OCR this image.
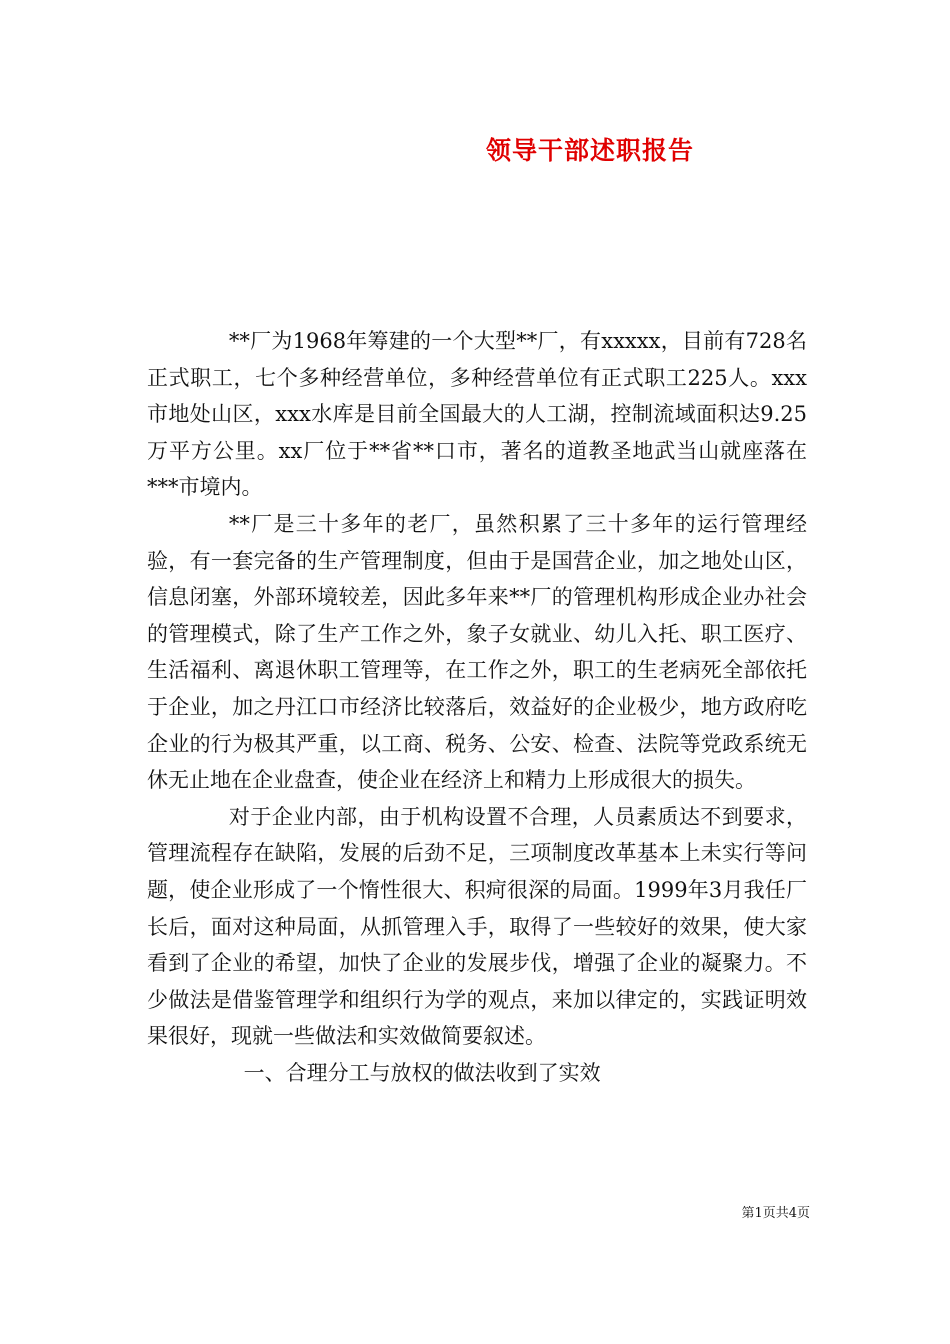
领导干部述职报告

**厂为1968年筹建的一个大型**厂，有xxxxx，目前有728名正式职工，七个多种经营单位，多种经营单位有正式职工225人。xxx市地处山区，xxx水库是目前全国最大的人工湖，控制流域面积达9.25万平方公里。xx厂位于**省**口市，著名的道教圣地武当山就座落在***市境内。

**厂是三十多年的老厂，虽然积累了三十多年的运行管理经验，有一套完备的生产管理制度，但由于是国营企业，加之地处山区，信息闭塞，外部环境较差，因此多年来**厂的管理机构形成企业办社会的管理模式，除了生产工作之外，象子女就业、幼儿入托、职工医疗、生活福利、离退休职工管理等，在工作之外，职工的生老病死全部依托于企业，加之丹江口市经济比较落后，效益好的企业极少，地方政府吃企业的行为极其严重，以工商、税务、公安、检查、法院等党政系统无休无止地在企业盘查，使企业在经济上和精力上形成很大的损失。

对于企业内部，由于机构设置不合理，人员素质达不到要求，管理流程存在缺陷，发展的后劲不足，三项制度改革基本上未实行等问题，使企业形成了一个惰性很大、积疴很深的局面。1999年3月我任厂长后，面对这种局面，从抓管理入手，取得了一些较好的效果，使大家看到了企业的希望，加快了企业的发展步伐，增强了企业的凝聚力。不少做法是借鉴管理学和组织行为学的观点，来加以律定的，实践证明效果很好，现就一些做法和实效做简要叙述。

一、合理分工与放权的做法收到了实效

第1页共4页
